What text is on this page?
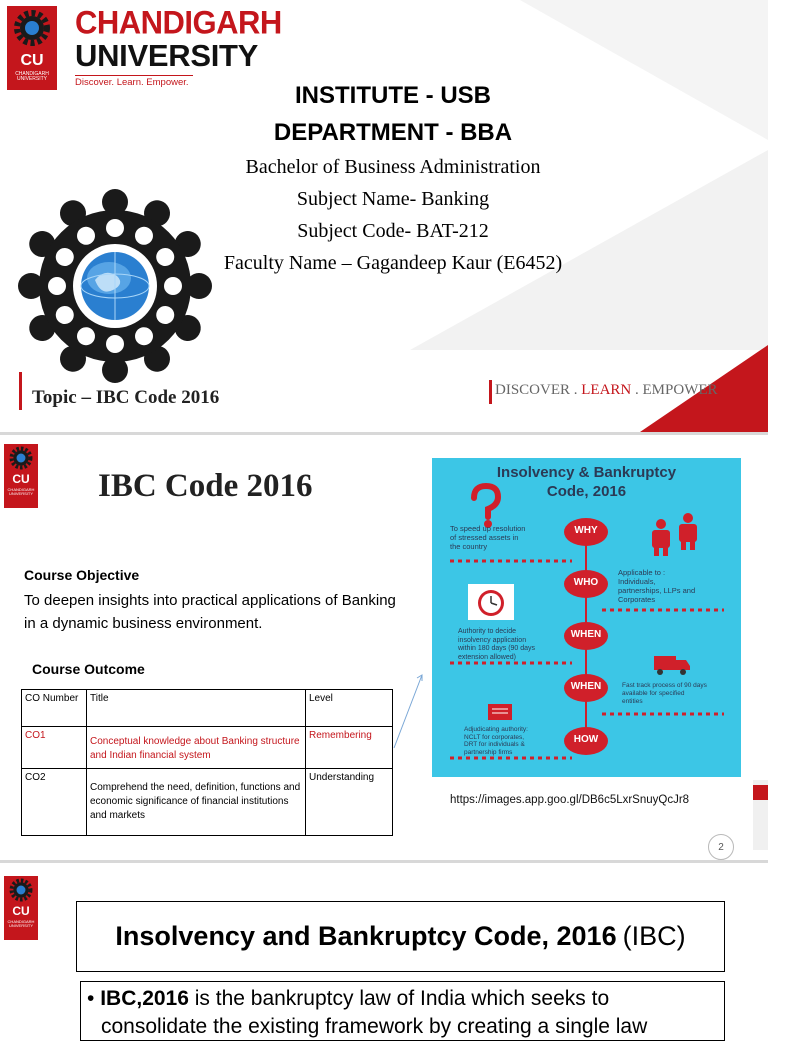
CU
CHANDIGARH UNIVERSITY
CHANDIGARH
UNIVERSITY
Discover. Learn. Empower.	INSTITUTE - USB
DEPARTMENT - BBA
Bachelor of Business Administration
Subject Name- Banking
Subject Code- BAT-212
Faculty Name – Gagandeep Kaur (E6452)
Topic – IBC Code 2016	DISCOVER . LEARN . EMPOWER
CU
CHANDIGARH UNIVERSITY IBC Code 2016
Course Objective
To deepen insights into practical applications of Banking in a dynamic business environment.
Course Outcome
CO Number	Title	Level
CO1	Conceptual knowledge about Banking structure and Indian financial system	Remembering
CO2	Comprehend the need, definition, functions and economic significance of financial institutions and markets	Understanding
Insolvency & Bankruptcy
Code, 2016
WHY
WHO
WHEN
WHEN
HOW
To speed up resolution
of stressed assets in
the country
Applicable to :
Individuals,
partnerships, LLPs and
Corporates
Authority to decide
insolvency application
within 180 days (90 days
extension allowed)
Fast track process of 90 days
available for specified
entities
Adjudicating authority:
NCLT for corporates,
DRT for individuals &
partnership firms
https://images.app.goo.gl/DB6c5LxrSnuyQcJr8
2
CU
CHANDIGARH UNIVERSITY	Insolvency and Bankruptcy Code, 2016 (IBC)
• IBC,2016 is the bankruptcy law of India which seeks to
consolidate the existing framework by creating a single law
